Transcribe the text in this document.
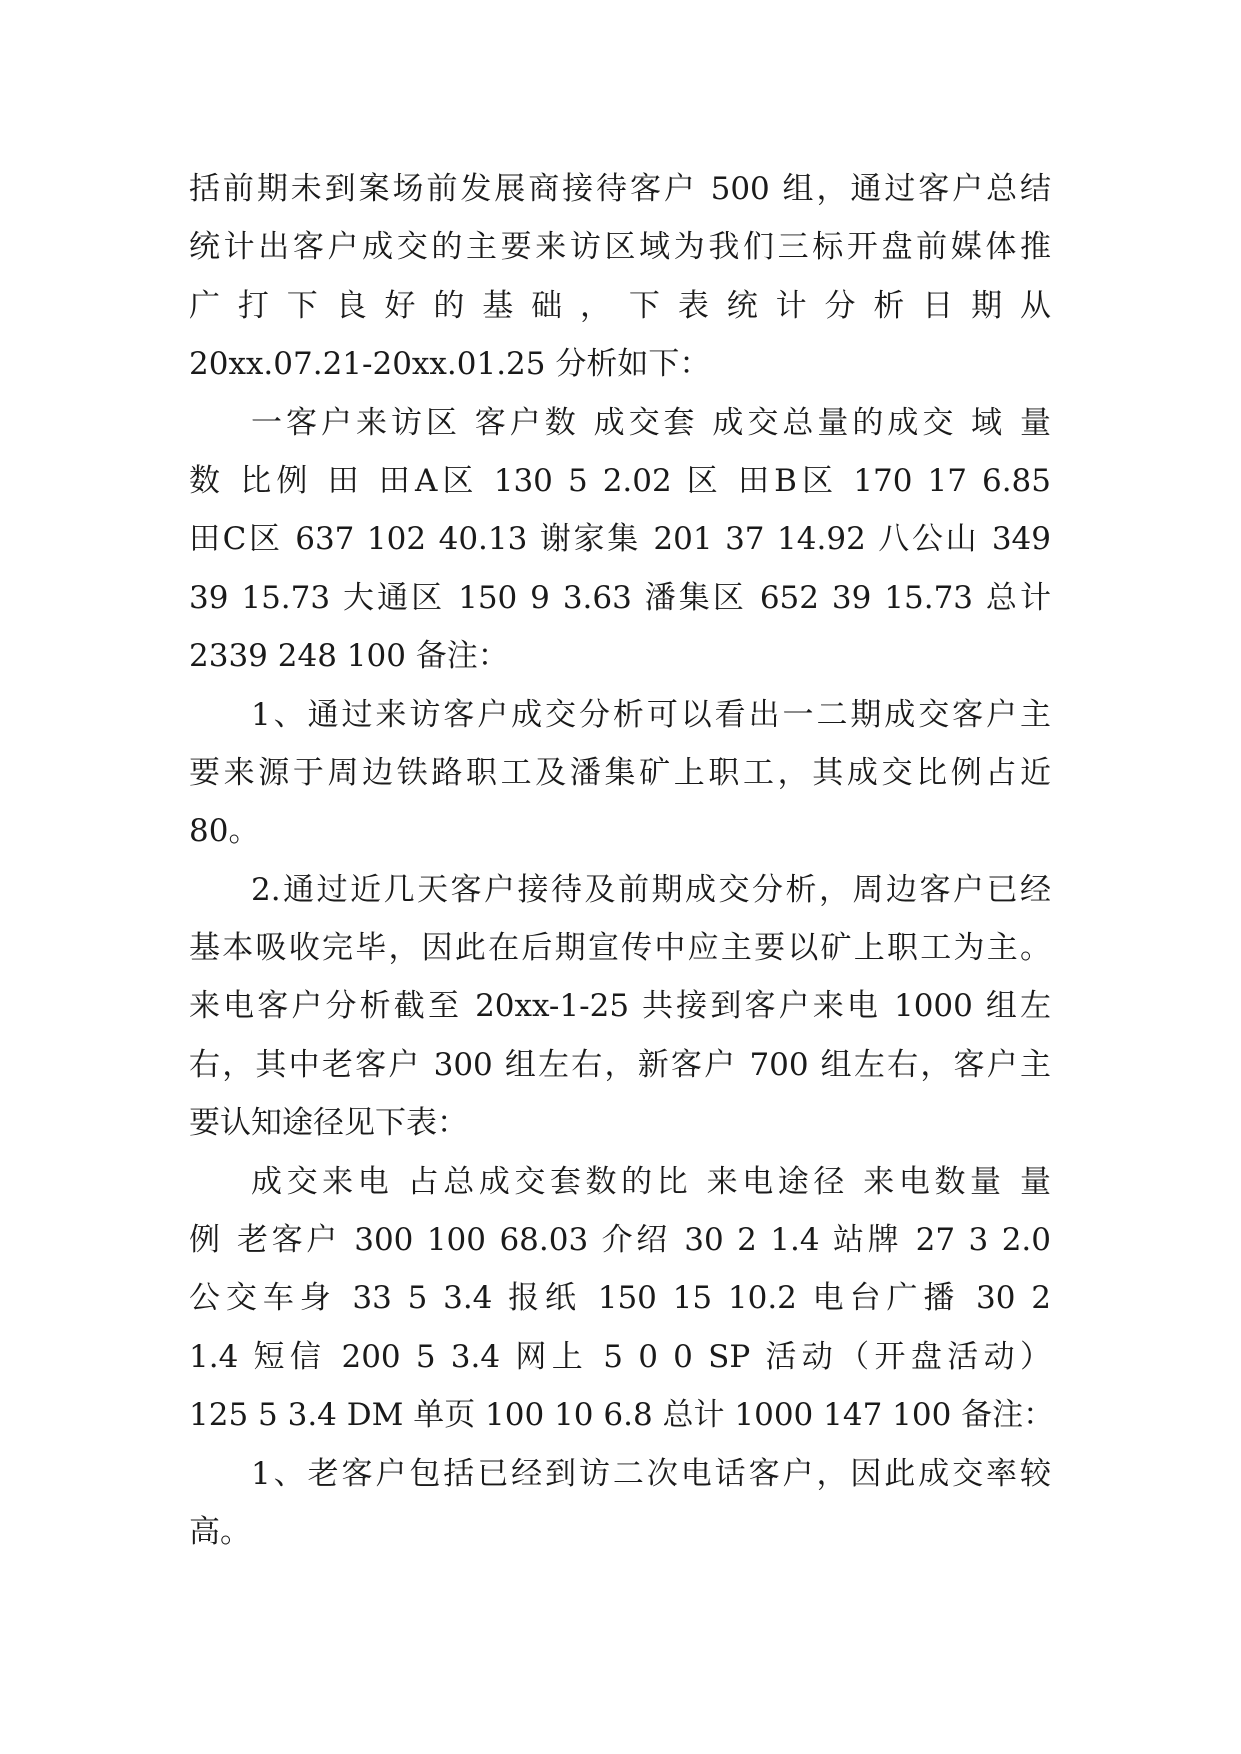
括前期未到案场前发展商接待客户 500 组，通过客户总结
统计出客户成交的主要来访区域为我们三标开盘前媒体推
广 打 下 良 好 的 基 础 ， 下 表 统 计 分 析 日 期 从
20xx.07.21-20xx.01.25 分析如下：
一客户来访区 客户数 成交套 成交总量的成交 域 量
数 比例 田 田A区 130 5 2.02 区 田B区 170 17 6.85
田C区 637 102 40.13 谢家集 201 37 14.92 八公山 349
39 15.73 大通区 150 9 3.63 潘集区 652 39 15.73 总计
2339 248 100 备注：
1、通过来访客户成交分析可以看出一二期成交客户主
要来源于周边铁路职工及潘集矿上职工，其成交比例占近
80。
2.通过近几天客户接待及前期成交分析，周边客户已经
基本吸收完毕，因此在后期宣传中应主要以矿上职工为主。
来电客户分析截至 20xx-1-25 共接到客户来电 1000 组左
右，其中老客户 300 组左右，新客户 700 组左右，客户主
要认知途径见下表：
成交来电 占总成交套数的比 来电途径 来电数量 量
例 老客户 300 100 68.03 介绍 30 2 1.4 站牌 27 3 2.0
公交车身 33 5 3.4 报纸 150 15 10.2 电台广播 30 2
1.4 短信 200 5 3.4 网上 5 0 0 SP 活动（开盘活动）
125 5 3.4 DM 单页 100 10 6.8 总计 1000 147 100 备注：
1、老客户包括已经到访二次电话客户，因此成交率较
高。
